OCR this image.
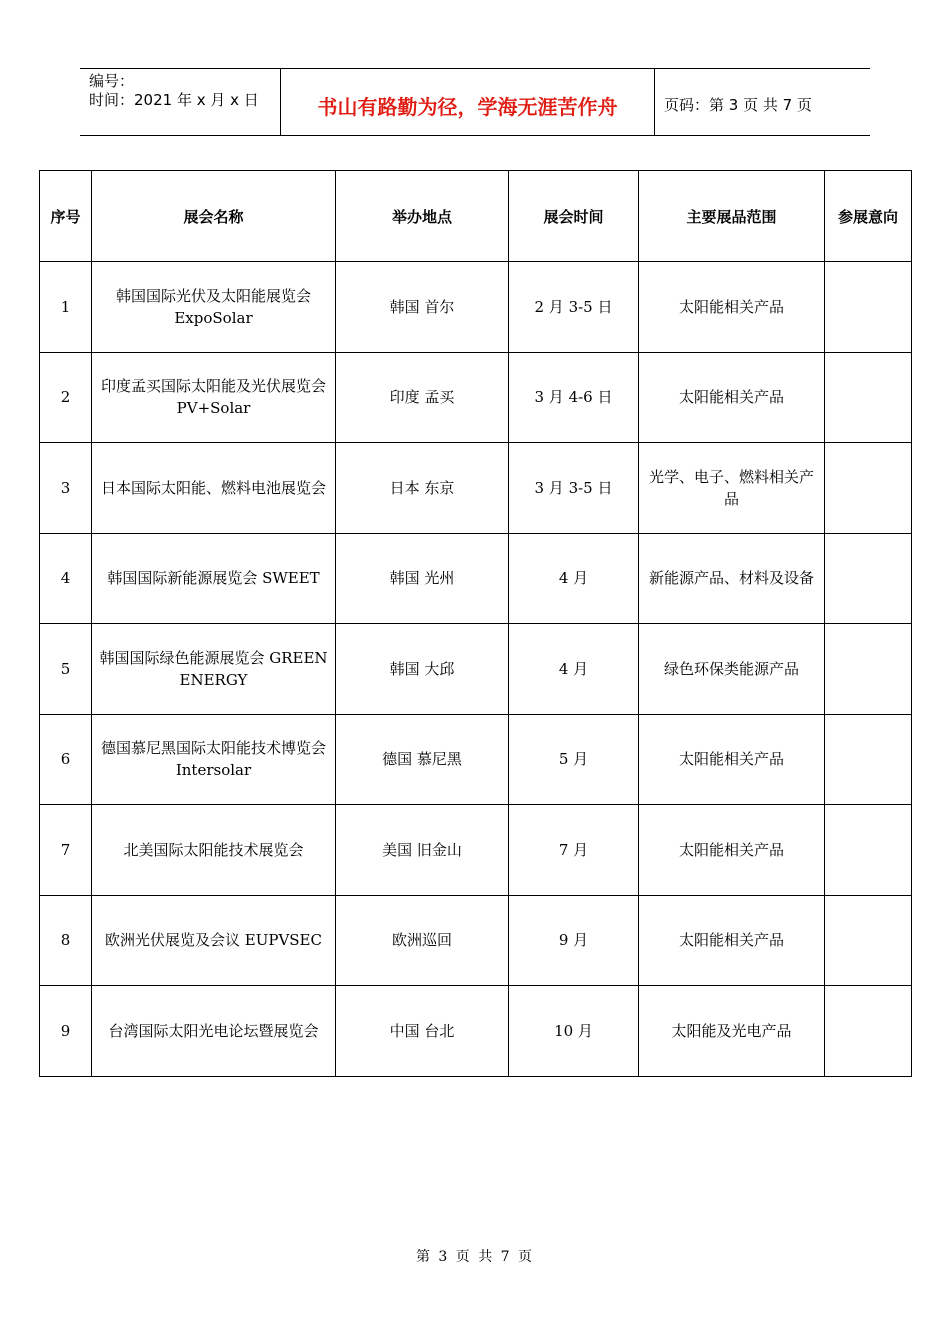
编号：
时间：2021 年 x 月 x 日	书山有路勤为径，学海无涯苦作舟	页码：第 3 页 共 7 页
序号	展会名称	举办地点	展会时间	主要展品范围	参展意向
1	韩国国际光伏及太阳能展览会 ExpoSolar	韩国 首尔	2 月 3-5 日	太阳能相关产品	
2	印度孟买国际太阳能及光伏展览会 PV+Solar	印度 孟买	3 月 4-6 日	太阳能相关产品	
3	日本国际太阳能、燃料电池展览会	日本 东京	3 月 3-5 日	光学、电子、燃料相关产品	
4	韩国国际新能源展览会 SWEET	韩国 光州	4 月	新能源产品、材料及设备	
5	韩国国际绿色能源展览会 GREEN ENERGY	韩国 大邱	4 月	绿色环保类能源产品	
6	德国慕尼黑国际太阳能技术博览会 Intersolar	德国 慕尼黑	5 月	太阳能相关产品	
7	北美国际太阳能技术展览会	美国 旧金山	7 月	太阳能相关产品	
8	欧洲光伏展览及会议 EUPVSEC	欧洲巡回	9 月	太阳能相关产品	
9	台湾国际太阳光电论坛暨展览会	中国 台北	10 月	太阳能及光电产品	
第 3 页 共 7 页
